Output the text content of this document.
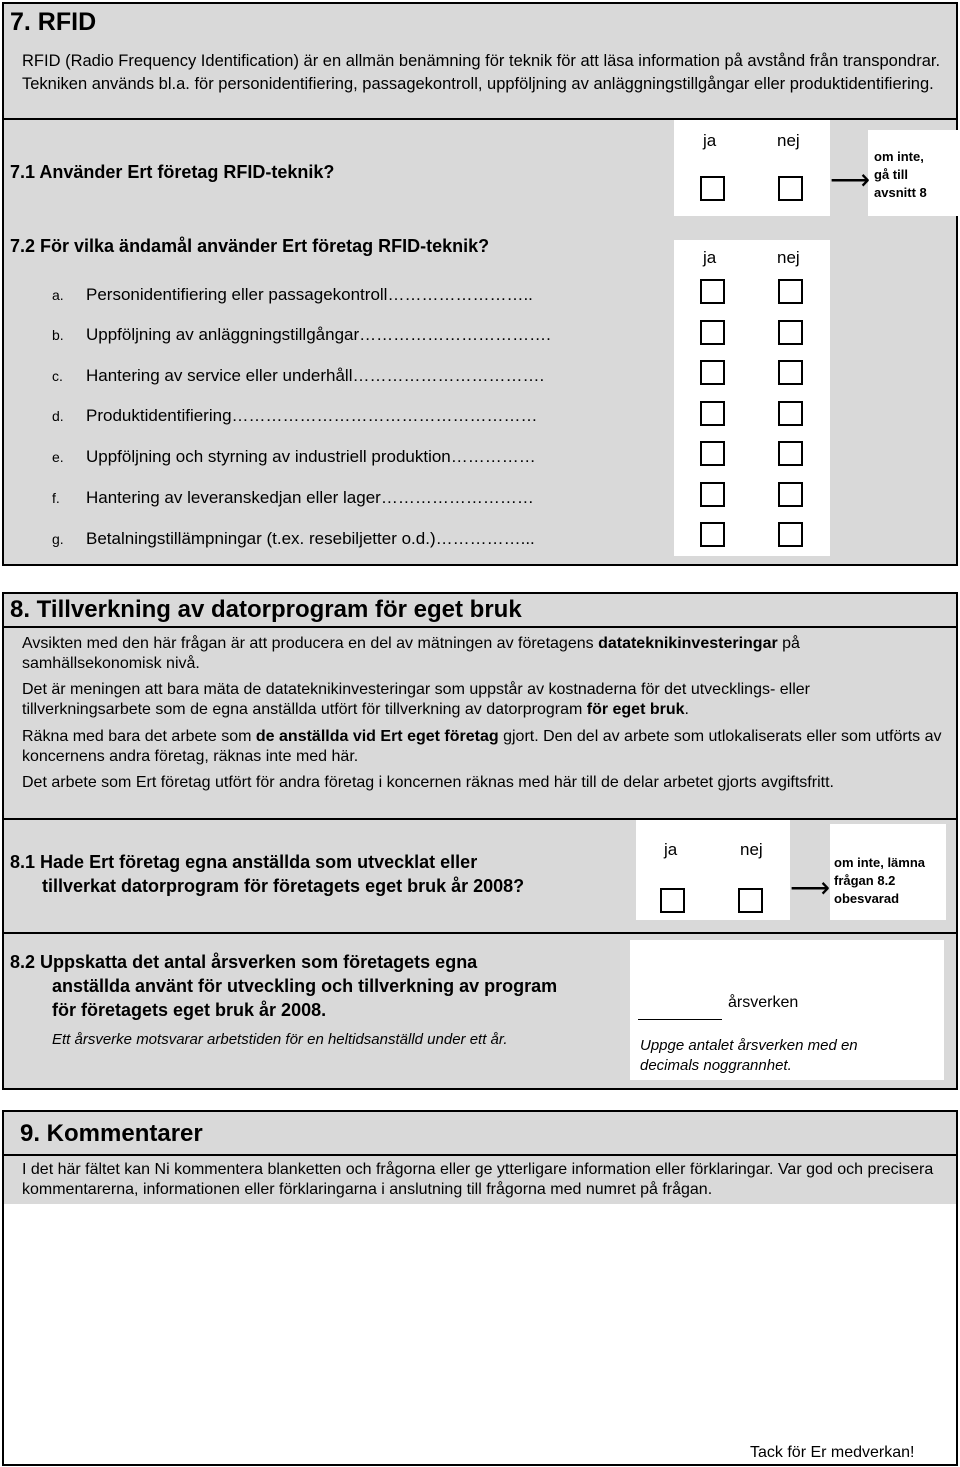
7. RFID
RFID (Radio Frequency Identification) är en allmän benämning för teknik för att läsa information på avstånd från transpondrar. Tekniken används bl.a. för personidentifiering, passagekontroll, uppföljning av anläggningstillgångar eller produktidentifiering.
7.1 Använder Ert företag RFID-teknik?
ja	nej
⟶
om inte,
gå till
avsnitt 8
7.2 För vilka ändamål använder Ert företag RFID-teknik?
ja	nej
a. Personidentifiering eller passagekontroll……………………..
b. Uppföljning av anläggningstillgångar…………………………….
c. Hantering av service eller underhåll…………………………….
d. Produktidentifiering………………………………………………
e. Uppföljning och styrning av industriell produktion……………
f. Hantering av leveranskedjan eller lager………………………
g. Betalningstillämpningar (t.ex. resebiljetter o.d.)……………...
8. Tillverkning av datorprogram för eget bruk
Avsikten med den här frågan är att producera en del av mätningen av företagens datateknikinvesteringar på samhällsekonomisk nivå.
Det är meningen att bara mäta de datateknikinvesteringar som uppstår av kostnaderna för det utvecklings- eller tillverkningsarbete som de egna anställda utfört för tillverkning av datorprogram för eget bruk.
Räkna med bara det arbete som de anställda vid Ert eget företag gjort. Den del av arbete som utlokaliserats eller som utförts av koncernens andra företag, räknas inte med här.
Det arbete som Ert företag utfört för andra företag i koncernen räknas med här till de delar arbetet gjorts avgiftsfritt.
8.1 Hade Ert företag egna anställda som utvecklat eller
tillverkat datorprogram för företagets eget bruk år 2008?
ja	nej
⟶
om inte, lämna
frågan 8.2
obesvarad
8.2 Uppskatta det antal årsverken som företagets egna
anställda använt för utveckling och tillverkning av program
för företagets eget bruk år 2008.
Ett årsverke motsvarar arbetstiden för en heltidsanställd under ett år.
årsverken
Uppge antalet årsverken med en
decimals noggrannhet.
9. Kommentarer
I det här fältet kan Ni kommentera blanketten och frågorna eller ge ytterligare information eller förklaringar. Var god och precisera kommentarerna, informationen eller förklaringarna i anslutning till frågorna med numret på frågan.
Tack för Er medverkan!
